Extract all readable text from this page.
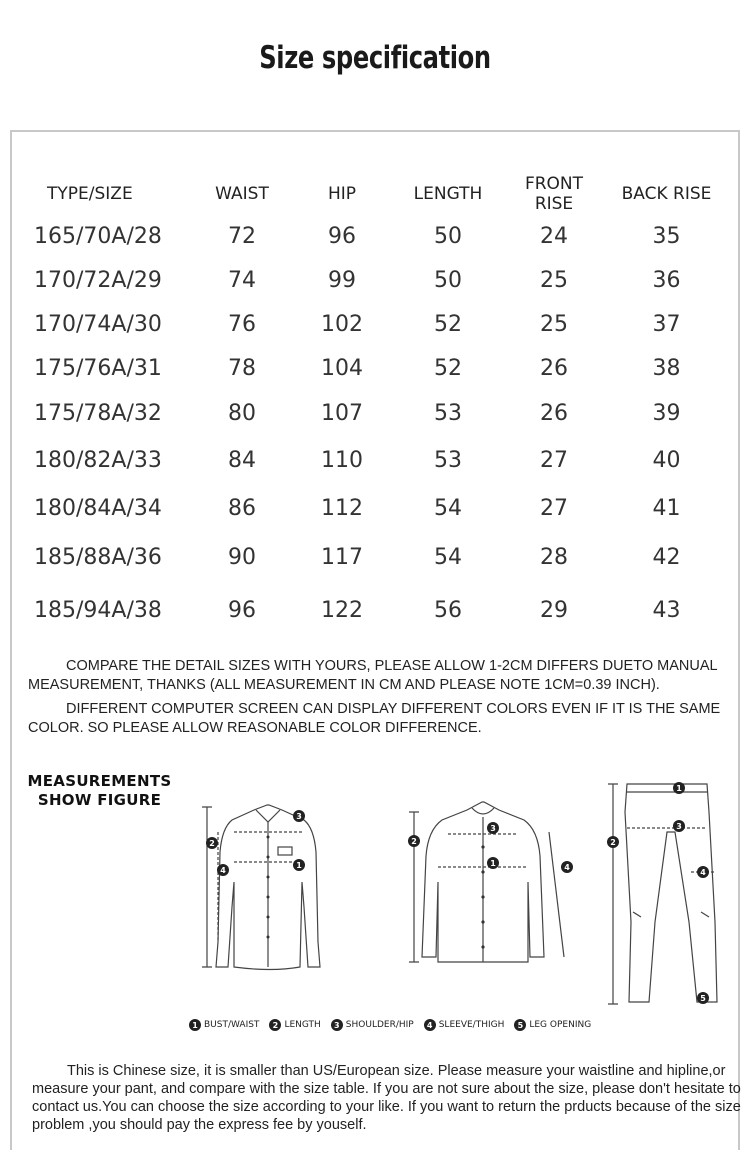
Size specification
TYPE/SIZE	WAIST	HIP	LENGTH	FRONT RISE	BACK RISE
165/70A/28	72	96	50	24	35
170/72A/29	74	99	50	25	36
170/74A/30	76	102	52	25	37
175/76A/31	78	104	52	26	38
175/78A/32	80	107	53	26	39
180/82A/33	84	110	53	27	40
180/84A/34	86	112	54	27	41
185/88A/36	90	117	54	28	42
185/94A/38	96	122	56	29	43
COMPARE THE DETAIL SIZES WITH YOURS, PLEASE ALLOW 1-2CM DIFFERS DUETO MANUAL MEASUREMENT, THANKS (ALL MEASUREMENT IN CM AND PLEASE NOTE 1CM=0.39 INCH).
DIFFERENT COMPUTER SCREEN CAN DISPLAY DIFFERENT COLORS EVEN IF IT IS THE SAME COLOR. SO PLEASE ALLOW REASONABLE COLOR DIFFERENCE.
MEASUREMENTS
SHOW FIGURE
3
1
2
4
3
1
2
4
1
3
2
4
5
1 BUST/WAIST	2 LENGTH	3 SHOULDER/HIP	4 SLEEVE/THIGH	5 LEG OPENING
This is Chinese size, it is smaller than US/European size. Please measure your waistline and hipline,or measure your pant, and compare with the size table. If you are not sure about the size, please don't hesitate to contact us.You can choose the size according to your like. If you want to return the prducts because of the size problem ,you should pay the express fee by youself.
